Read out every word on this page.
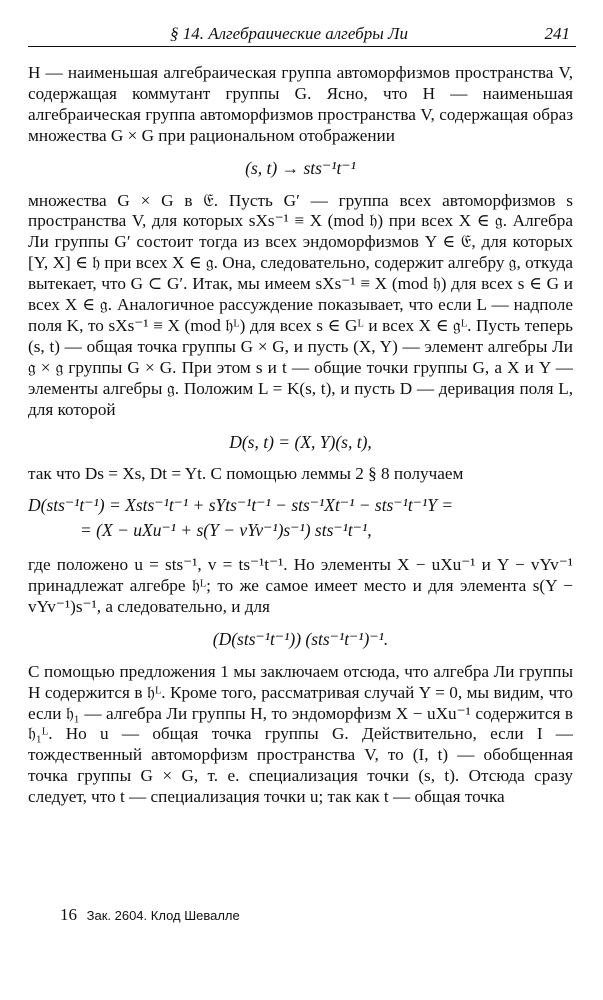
§ 14. Алгебраические алгебры Ли	241

H — наименьшая алгебраическая группа автоморфизмов пространства V, содержащая коммутант группы G. Ясно, что H — наименьшая алгебраическая группа автоморфизмов пространства V, содержащая образ множества G × G при рациональном отображении

(s, t) → sts⁻¹t⁻¹

множества G × G в 𝔈. Пусть G′ — группа всех автоморфизмов s пространства V, для которых sXs⁻¹ ≡ X (mod 𝔥) при всех X ∈ 𝔤. Алгебра Ли группы G′ состоит тогда из всех эндоморфизмов Y ∈ 𝔈, для которых [Y, X] ∈ 𝔥 при всех X ∈ 𝔤. Она, следовательно, содержит алгебру 𝔤, откуда вытекает, что G ⊂ G′. Итак, мы имеем sXs⁻¹ ≡ X (mod 𝔥) для всех s ∈ G и всех X ∈ 𝔤. Аналогичное рассуждение показывает, что если L — надполе поля K, то sXs⁻¹ ≡ X (mod 𝔥ᴸ) для всех s ∈ Gᴸ и всех X ∈ 𝔤ᴸ. Пусть теперь (s, t) — общая точка группы G × G, и пусть (X, Y) — элемент алгебры Ли 𝔤 × 𝔤 группы G × G. При этом s и t — общие точки группы G, а X и Y — элементы алгебры 𝔤. Положим L = K(s, t), и пусть D — деривация поля L, для которой

D(s, t) = (X, Y)(s, t),

так что Ds = Xs, Dt = Yt. С помощью леммы 2 § 8 получаем

D(sts⁻¹t⁻¹) = Xsts⁻¹t⁻¹ + sYts⁻¹t⁻¹ − sts⁻¹Xt⁻¹ − sts⁻¹t⁻¹Y =
= (X − uXu⁻¹ + s(Y − vYv⁻¹)s⁻¹) sts⁻¹t⁻¹,

где положено u = sts⁻¹, v = ts⁻¹t⁻¹. Но элементы X − uXu⁻¹ и Y − vYv⁻¹ принадлежат алгебре 𝔥ᴸ; то же самое имеет место и для элемента s(Y − vYv⁻¹)s⁻¹, а следовательно, и для

(D(sts⁻¹t⁻¹)) (sts⁻¹t⁻¹)⁻¹.

С помощью предложения 1 мы заключаем отсюда, что алгебра Ли группы H содержится в 𝔥ᴸ. Кроме того, рассматривая случай Y = 0, мы видим, что если 𝔥₁ — алгебра Ли группы H, то эндоморфизм X − uXu⁻¹ содержится в 𝔥₁ᴸ. Но u — общая точка группы G. Действительно, если I — тождественный автоморфизм пространства V, то (I, t) — обобщенная точка группы G × G, т. е. специализация точки (s, t). Отсюда сразу следует, что t — специализация точки u; так как t — общая точка

16 Зак. 2604. Клод Шевалле
